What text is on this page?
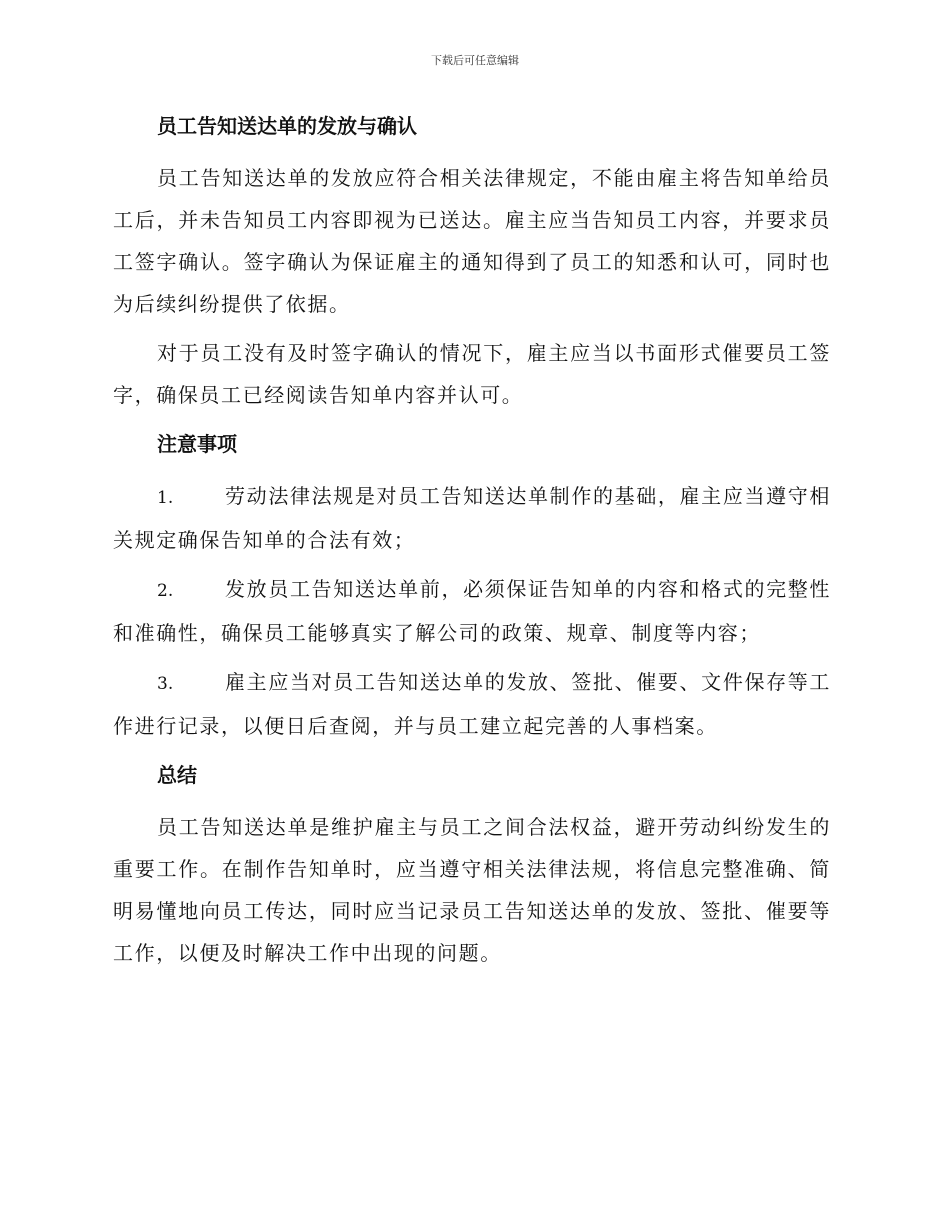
下载后可任意编辑
员工告知送达单的发放与确认

员工告知送达单的发放应符合相关法律规定，不能由雇主将告知单给员工后，并未告知员工内容即视为已送达。雇主应当告知员工内容，并要求员工签字确认。签字确认为保证雇主的通知得到了员工的知悉和认可，同时也为后续纠纷提供了依据。

对于员工没有及时签字确认的情况下，雇主应当以书面形式催要员工签字，确保员工已经阅读告知单内容并认可。

注意事项

1.	劳动法律法规是对员工告知送达单制作的基础，雇主应当遵守相关规定确保告知单的合法有效；

2.	发放员工告知送达单前，必须保证告知单的内容和格式的完整性和准确性，确保员工能够真实了解公司的政策、规章、制度等内容；

3.	雇主应当对员工告知送达单的发放、签批、催要、文件保存等工作进行记录，以便日后查阅，并与员工建立起完善的人事档案。

总结

员工告知送达单是维护雇主与员工之间合法权益，避开劳动纠纷发生的重要工作。在制作告知单时，应当遵守相关法律法规，将信息完整准确、简明易懂地向员工传达，同时应当记录员工告知送达单的发放、签批、催要等工作，以便及时解决工作中出现的问题。
